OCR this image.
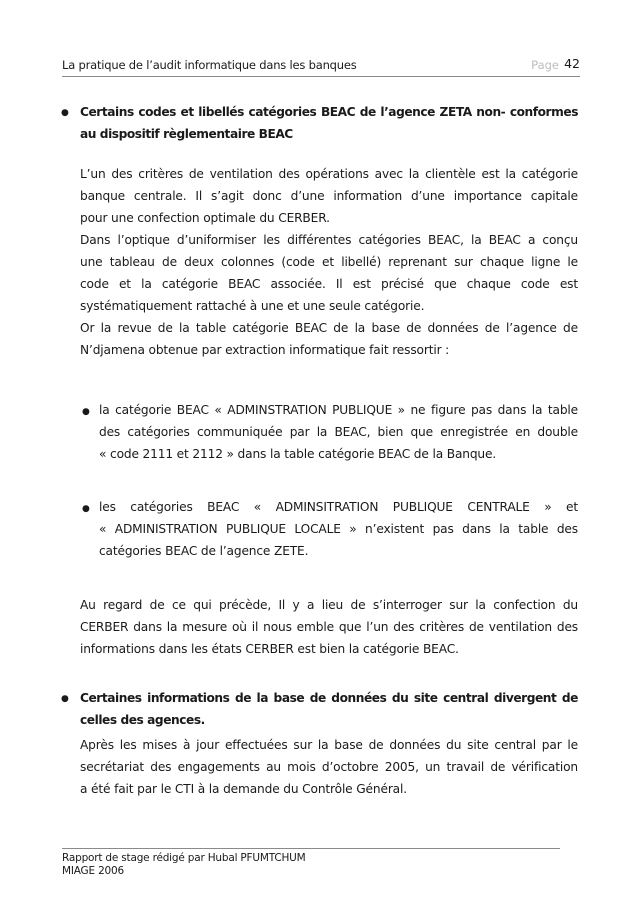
La pratique de l’audit informatique dans les banques	Page 42
● Certains codes et libellés catégories BEAC de l’agence ZETA non- conformes
au dispositif règlementaire BEAC
L’un des critères de ventilation des opérations avec la clientèle est la catégorie
banque centrale. Il s’agit donc d’une information d’une importance capitale
pour une confection optimale du CERBER.
Dans l’optique d’uniformiser les différentes catégories BEAC, la BEAC a conçu
une tableau de deux colonnes (code et libellé) reprenant sur chaque ligne le
code et la catégorie BEAC associée. Il est précisé que chaque code est
systématiquement rattaché à une et une seule catégorie.
Or la revue de la table catégorie BEAC de la base de données de l’agence de
N’djamena obtenue par extraction informatique fait ressortir :
● la catégorie BEAC « ADMINSTRATION PUBLIQUE » ne figure pas dans la table
des catégories communiquée par la BEAC, bien que enregistrée en double
« code 2111 et 2112 » dans la table catégorie BEAC de la Banque.
● les catégories BEAC « ADMINSITRATION PUBLIQUE CENTRALE » et
« ADMINISTRATION PUBLIQUE LOCALE » n’existent pas dans la table des
catégories BEAC de l’agence ZETE.
Au regard de ce qui précède, Il y a lieu de s’interroger sur la confection du
CERBER dans la mesure où il nous emble que l’un des critères de ventilation des
informations dans les états CERBER est bien la catégorie BEAC.
● Certaines informations de la base de données du site central divergent de
celles des agences.
Après les mises à jour effectuées sur la base de données du site central par le
secrétariat des engagements au mois d’octobre 2005, un travail de vérification
a été fait par le CTI à la demande du Contrôle Général.
Rapport de stage rédigé par Hubal PFUMTCHUM
MIAGE 2006
